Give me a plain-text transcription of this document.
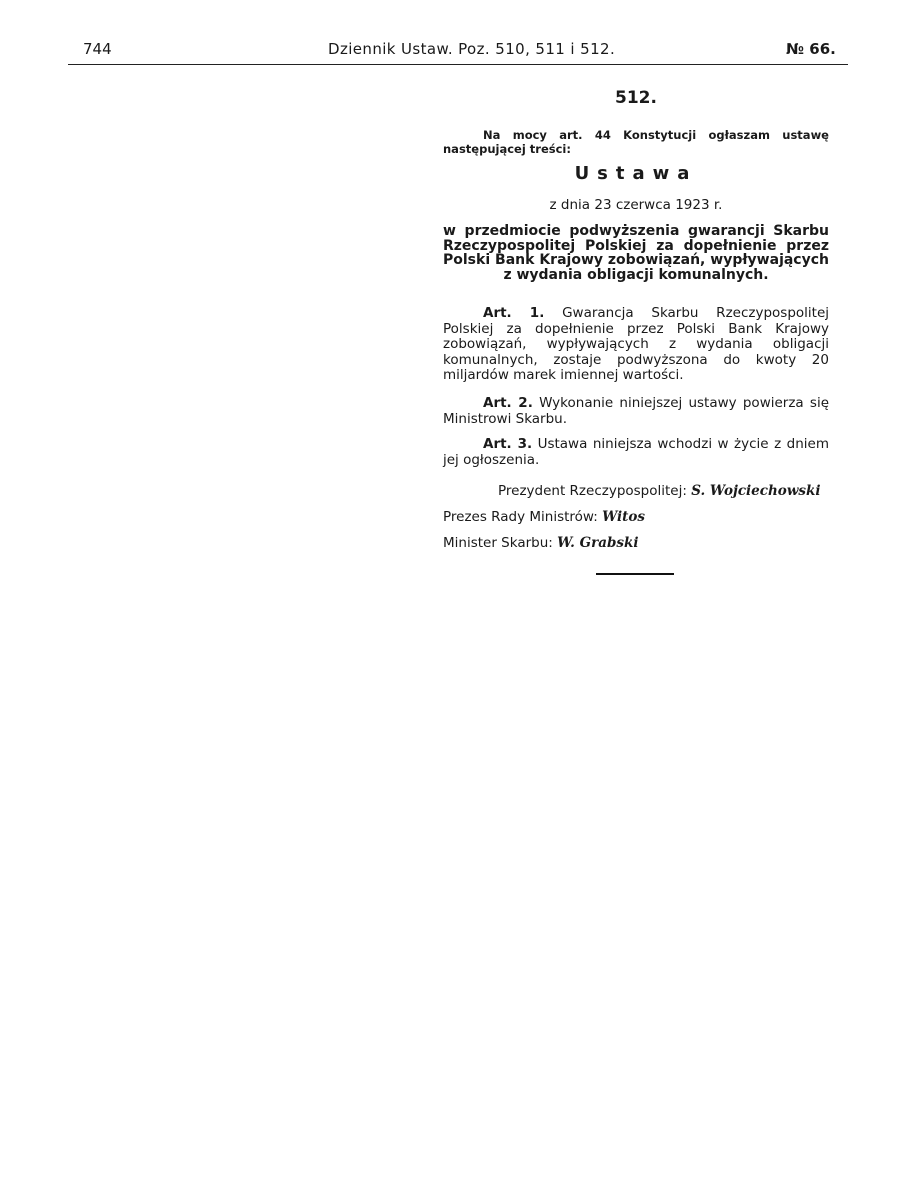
744	Dziennik Ustaw. Poz. 510, 511 i 512.	№ 66.
512.
Na mocy art. 44 Konstytucji ogłaszam ustawę następującej treści:
Ustawa
z dnia 23 czerwca 1923 r.
w przedmiocie podwyższenia gwarancji Skarbu Rzeczypospolitej Polskiej za dopełnienie przez Polski Bank Krajowy zobowiązań, wypływających z wydania obligacji komunalnych.
Art. 1. Gwarancja Skarbu Rzeczypospolitej Polskiej za dopełnienie przez Polski Bank Krajowy zobowiązań, wypływających z wydania obligacji komunalnych, zostaje podwyższona do kwoty 20 miljardów marek imiennej wartości.
Art. 2. Wykonanie niniejszej ustawy powierza się Ministrowi Skarbu.
Art. 3. Ustawa niniejsza wchodzi w życie z dniem jej ogłoszenia.
Prezydent Rzeczypospolitej: S. Wojciechowski
Prezes Rady Ministrów: Witos
Minister Skarbu: W. Grabski
